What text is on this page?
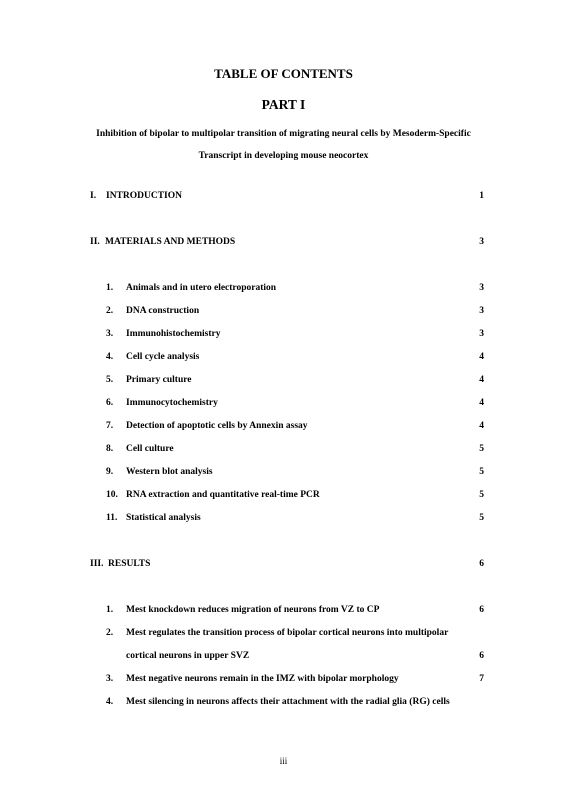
TABLE OF CONTENTS
PART I

Inhibition of bipolar to multipolar transition of migrating neural cells by Mesoderm-Specific

Transcript in developing mouse neocortex

I. INTRODUCTION	1
II. MATERIALS AND METHODS	3
1. Animals and in utero electroporation	3
2. DNA construction	3
3. Immunohistochemistry	3
4. Cell cycle analysis	4
5. Primary culture	4
6. Immunocytochemistry	4
7. Detection of apoptotic cells by Annexin assay	4
8. Cell culture	5
9. Western blot analysis	5
10. RNA extraction and quantitative real-time PCR	5
11. Statistical analysis	5
III. RESULTS	6
1. Mest knockdown reduces migration of neurons from VZ to CP	6
2. Mest regulates the transition process of bipolar cortical neurons into multipolar
cortical neurons in upper SVZ	6
3. Mest negative neurons remain in the IMZ with bipolar morphology	7
4. Mest silencing in neurons affects their attachment with the radial glia (RG) cells
iii
